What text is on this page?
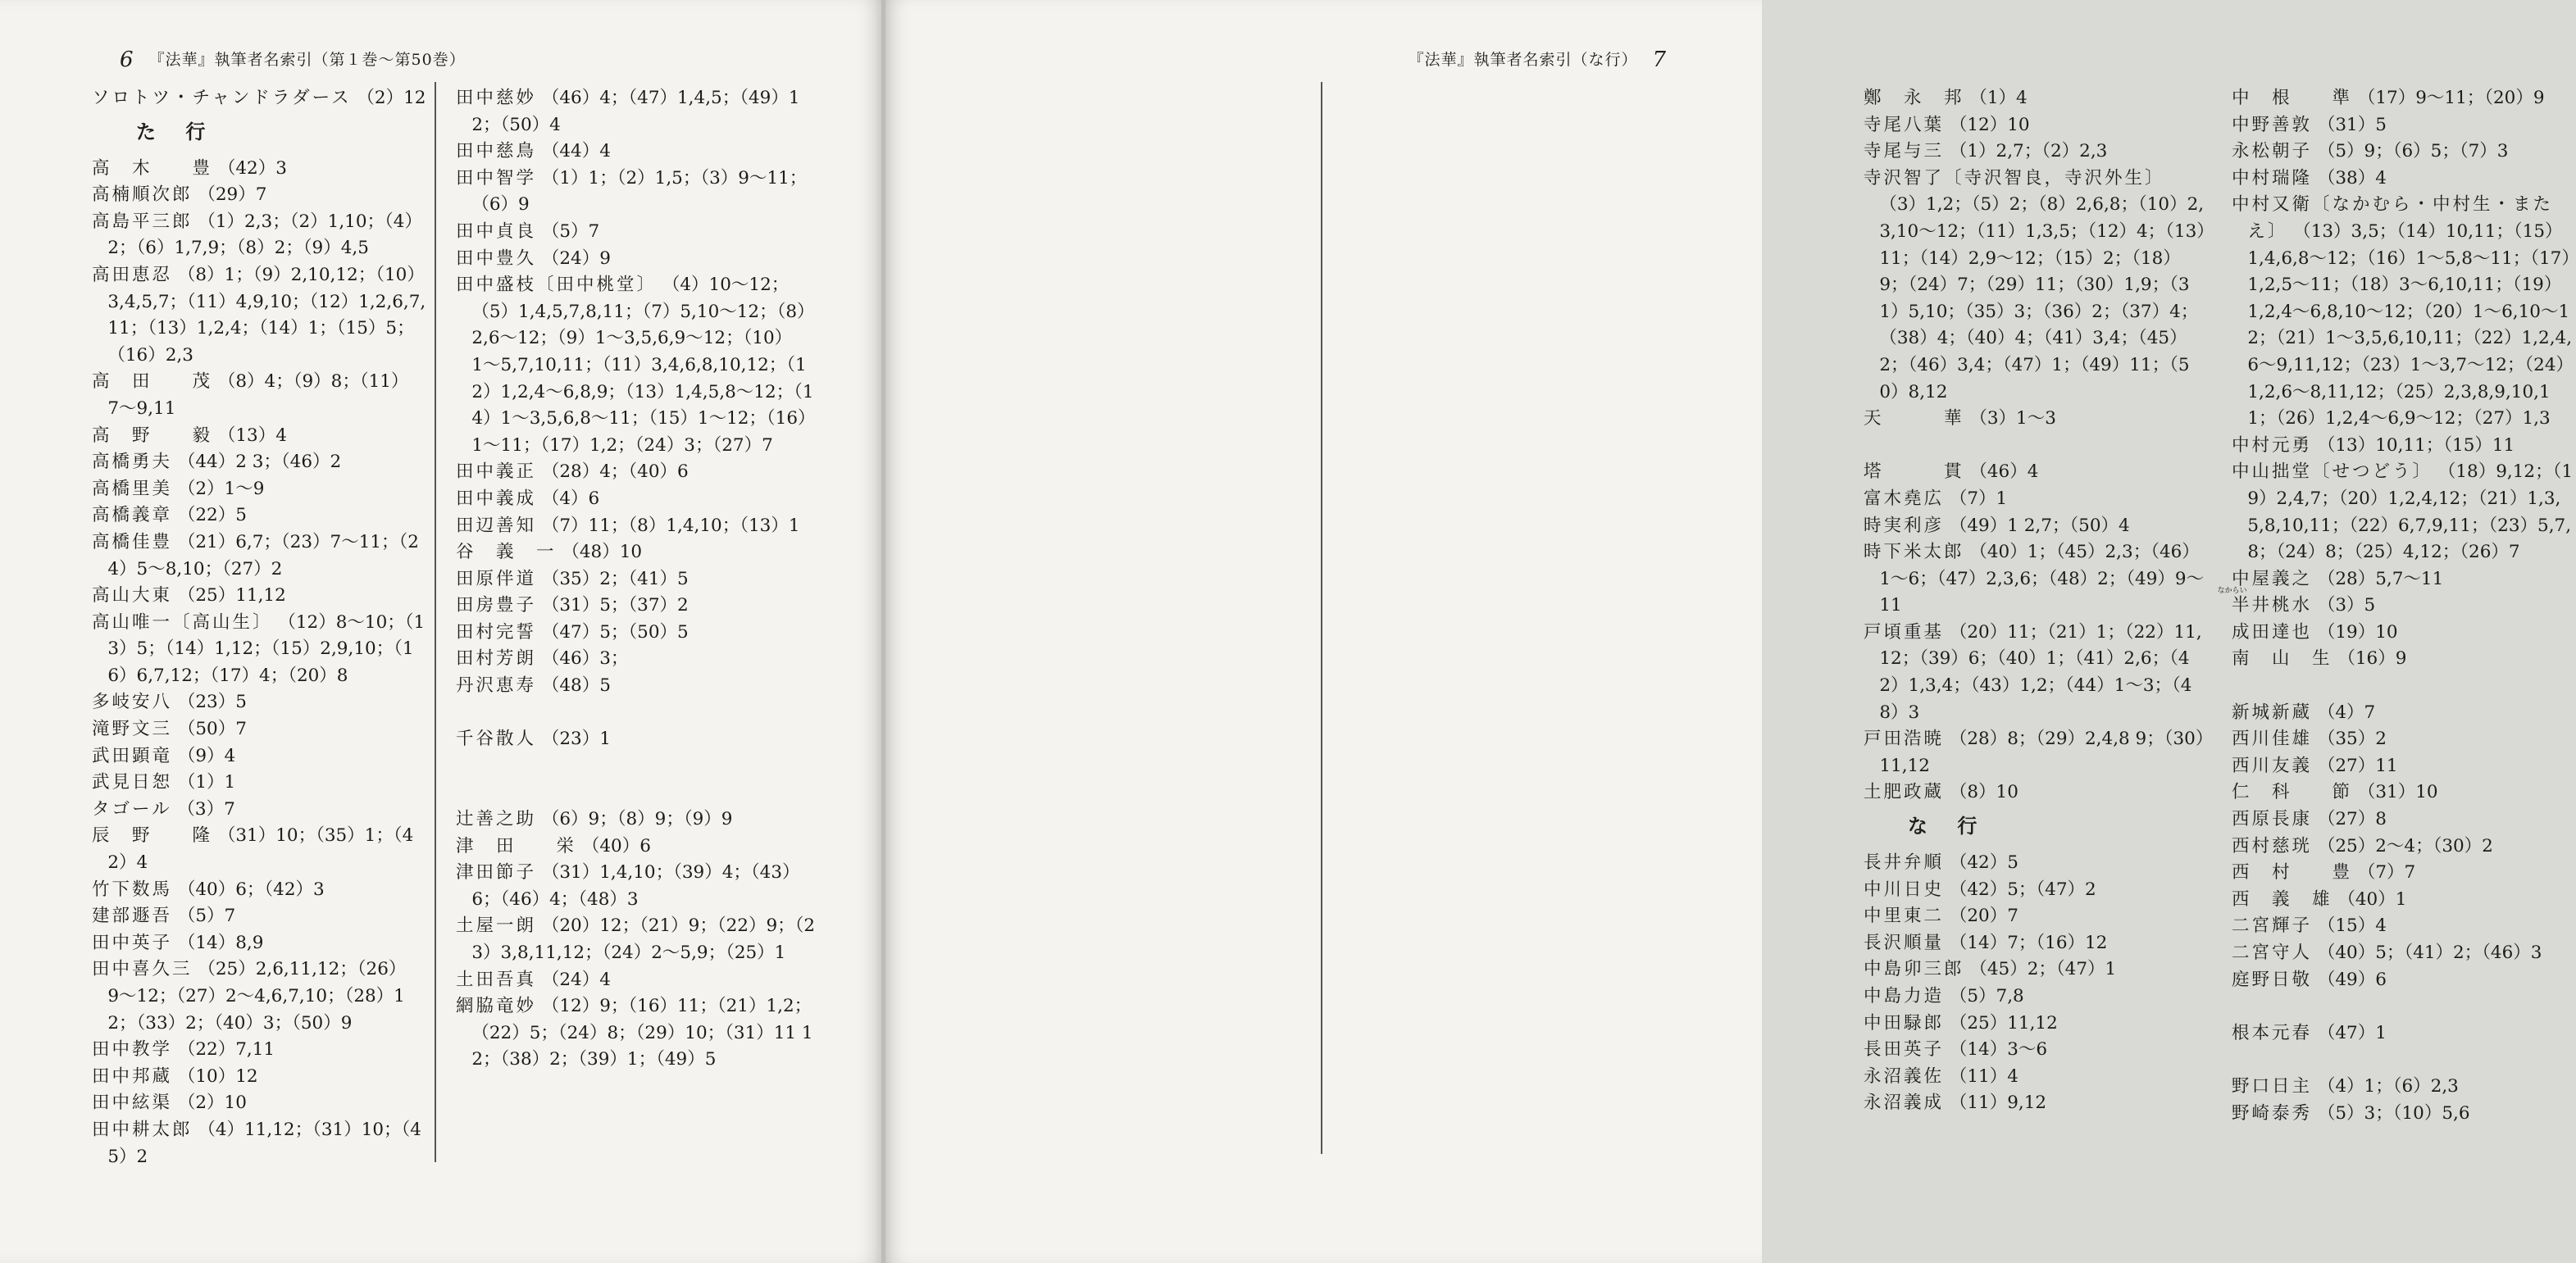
6 『法華』執筆者名索引（第１巻〜第50巻）
ソロトツ・チャンドラダース （2）12
た 行
高　木　　豊 （42）3
高楠順次郎 （29）7
高島平三郎 （1）2,3；（2）1,10；（4）2；（6）1,7,9；（8）2；（9）4,5
高田恵忍 （8）1；（9）2,10,12；（10）3,4,5,7；（11）4,9,10；（12）1,2,6,7,11；（13）1,2,4；（14）1；（15）5；（16）2,3
高　田　　茂 （8）4；（9）8；（11）7〜9,11
高　野　　毅 （13）4
高橋勇夫 （44）2 3；（46）2
高橋里美 （2）1〜9
高橋義章 （22）5
高橋佳豊 （21）6,7；（23）7〜11；（24）5〜8,10；（27）2
高山大東 （25）11,12
高山唯一〔高山生〕 （12）8〜10；（13）5；（14）1,12；（15）2,9,10；（16）6,7,12；（17）4；（20）8
多岐安八 （23）5
滝野文三 （50）7
武田顕竜 （9）4
武見日恕 （1）1
タゴール （3）7
辰　野　　隆 （31）10；（35）1；（42）4
竹下数馬 （40）6；（42）3
建部遯吾 （5）7
田中英子 （14）8,9
田中喜久三 （25）2,6,11,12；（26）9〜12；（27）2〜4,6,7,10；（28）12；（33）2；（40）3；（50）9
田中教学 （22）7,11
田中邦蔵 （10）12
田中絃渠 （2）10
田中耕太郎 （4）11,12；（31）10；（45）2
田中慈妙 （46）4；（47）1,4,5；（49）12；（50）4
田中慈鳥 （44）4
田中智学 （1）1；（2）1,5；（3）9〜11；（6）9
田中貞良 （5）7
田中豊久 （24）9
田中盛枝〔田中桃堂〕 （4）10〜12；（5）1,4,5,7,8,11；（7）5,10〜12；（8）2,6〜12；（9）1〜3,5,6,9〜12；（10）1〜5,7,10,11；（11）3,4,6,8,10,12；（12）1,2,4〜6,8,9；（13）1,4,5,8〜12；（14）1〜3,5,6,8〜11；（15）1〜12；（16）1〜11；（17）1,2；（24）3；（27）7
田中義正 （28）4；（40）6
田中義成 （4）6
田辺善知 （7）11；（8）1,4,10；（13）1
谷　義　一 （48）10
田原伴道 （35）2；（41）5
田房豊子 （31）5；（37）2
田村完誓 （47）5；（50）5
田村芳朗 （46）3；
丹沢恵寿 （48）5
千谷散人 （23）1
辻善之助 （6）9；（8）9；（9）9
津　田　　栄 （40）6
津田節子 （31）1,4,10；（39）4；（43）6；（46）4；（48）3
土屋一朗 （20）12；（21）9；（22）9；（23）3,8,11,12；（24）2〜5,9；（25）1
土田吾真 （24）4
網脇竜妙 （12）9；（16）11；（21）1,2；（22）5；（24）8；（29）10；（31）11 12；（38）2；（39）1；（49）5
『法華』執筆者名索引（な行） 7
鄭　永　邦 （1）4
寺尾八葉 （12）10
寺尾与三 （1）2,7；（2）2,3
寺沢智了〔寺沢智良，寺沢外生〕 （3）1,2；（5）2；（8）2,6,8；（10）2,3,10〜12；（11）1,3,5；（12）4；（13）11；（14）2,9〜12；（15）2；（18）9；（24）7；（29）11；（30）1,9；（31）5,10；（35）3；（36）2；（37）4；（38）4；（40）4；（41）3,4；（45）2；（46）3,4；（47）1；（49）11；（50）8,12
天　　　華 （3）1〜3
塔　　　貫 （46）4
富木堯広 （7）1
時実利彦 （49）1 2,7；（50）4
時下米太郎 （40）1；（45）2,3；（46）1〜6；（47）2,3,6；（48）2；（49）9〜11
戸頃重基 （20）11；（21）1；（22）11,12；（39）6；（40）1；（41）2,6；（42）1,3,4；（43）1,2；（44）1〜3；（48）3
戸田浩暁 （28）8；（29）2,4,8 9；（30）11,12
土肥政蔵 （8）10
な 行
長井弁順 （42）5
中川日史 （42）5；（47）2
中里東二 （20）7
長沢順量 （14）7；（16）12
中島卯三郎 （45）2；（47）1
中島力造 （5）7,8
中田騄郎 （25）11,12
長田英子 （14）3〜6
永沼義佐 （11）4
永沼義成 （11）9,12
中　根　　準 （17）9〜11；（20）9
中野善敦 （31）5
永松朝子 （5）9；（6）5；（7）3
中村瑞隆 （38）4
中村又衛〔なかむら・中村生・またえ〕 （13）3,5；（14）10,11；（15）1,4,6,8〜12；（16）1〜5,8〜11；（17）1,2,5〜11；（18）3〜6,10,11；（19）1,2,4〜6,8,10〜12；（20）1〜6,10〜12；（21）1〜3,5,6,10,11；（22）1,2,4,6〜9,11,12；（23）1〜3,7〜12；（24）1,2,6〜8,11,12；（25）2,3,8,9,10,11；（26）1,2,4〜6,9〜12；（27）1,3
中村元勇 （13）10,11；（15）11
中山拙堂〔せつどう〕 （18）9,12；（19）2,4,7；（20）1,2,4,12；（21）1,3,5,8,10,11；（22）6,7,9,11；（23）5,7,8；（24）8；（25）4,12；（26）7
中屋義之 （28）5,7〜11
なからい
半井桃水 （3）5
成田達也 （19）10
南　山　生 （16）9
新城新蔵 （4）7
西川佳雄 （35）2
西川友義 （27）11
仁　科　　節 （31）10
西原長康 （27）8
西村慈珖 （25）2〜4；（30）2
西　村　　豊 （7）7
西　義　雄 （40）1
二宮輝子 （15）4
二宮守人 （40）5；（41）2；（46）3
庭野日敬 （49）6
根本元春 （47）1
野口日主 （4）1；（6）2,3
野崎泰秀 （5）3；（10）5,6
